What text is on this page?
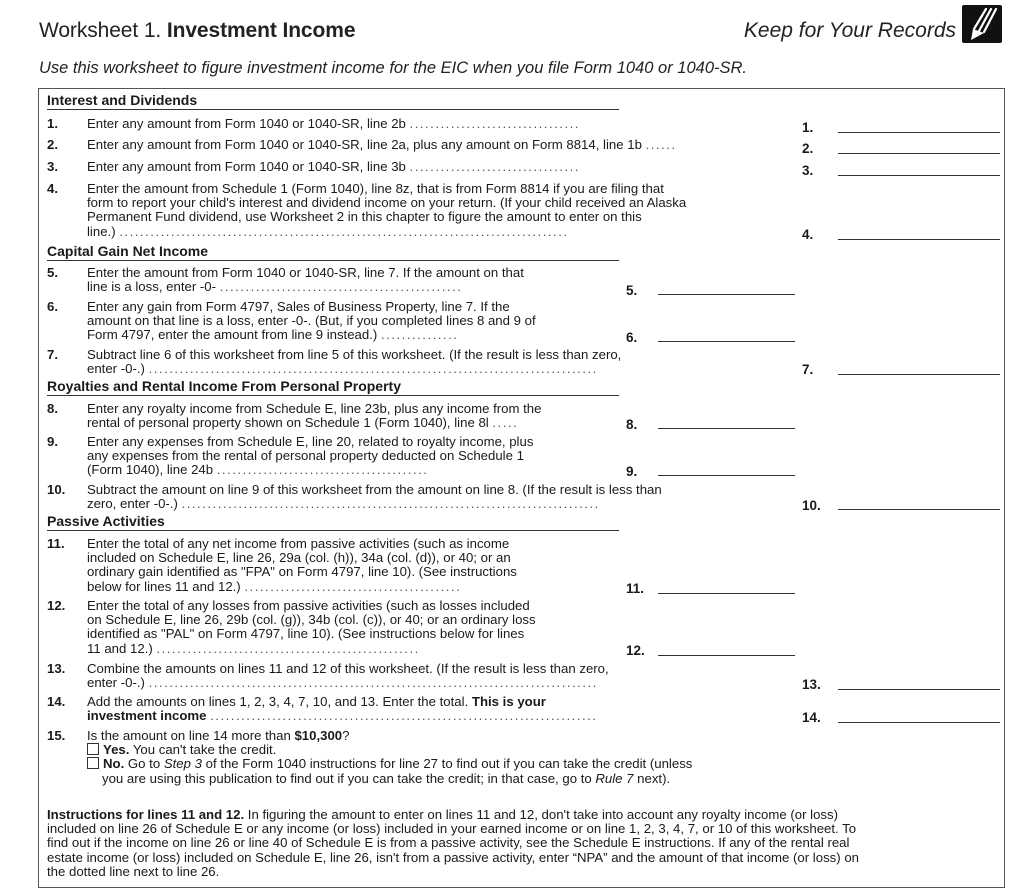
Worksheet 1. Investment Income	Keep for Your Records
Use this worksheet to figure investment income for the EIC when you file Form 1040 or 1040-SR.
Interest and Dividends
Capital Gain Net Income
Royalties and Rental Income From Personal Property
Passive Activities
1. Enter any amount from Form 1040 or 1040-SR, line 2b .................................	1.
2. Enter any amount from Form 1040 or 1040-SR, line 2a, plus any amount on Form 8814, line 1b ......	2.
3. Enter any amount from Form 1040 or 1040-SR, line 3b .................................	3.
4. Enter the amount from Schedule 1 (Form 1040), line 8z, that is from Form 8814 if you are filing that
form to report your child's interest and dividend income on your return. (If your child received an Alaska
Permanent Fund dividend, use Worksheet 2 in this chapter to figure the amount to enter on this
line.) .......................................................................................	4.
5. Enter the amount from Form 1040 or 1040-SR, line 7. If the amount on that
line is a loss, enter -0- ...............................................	5.
6. Enter any gain from Form 4797, Sales of Business Property, line 7. If the
amount on that line is a loss, enter -0-. (But, if you completed lines 8 and 9 of
Form 4797, enter the amount from line 9 instead.) ...............	6.
7. Subtract line 6 of this worksheet from line 5 of this worksheet. (If the result is less than zero,
enter -0-.) .......................................................................................	7.
8. Enter any royalty income from Schedule E, line 23b, plus any income from the
rental of personal property shown on Schedule 1 (Form 1040), line 8l .....	8.
9. Enter any expenses from Schedule E, line 20, related to royalty income, plus
any expenses from the rental of personal property deducted on Schedule 1
(Form 1040), line 24b .........................................	9.
10. Subtract the amount on line 9 of this worksheet from the amount on line 8. (If the result is less than
zero, enter -0-.) .................................................................................	10.
11. Enter the total of any net income from passive activities (such as income
included on Schedule E, line 26, 29a (col. (h)), 34a (col. (d)), or 40; or an
ordinary gain identified as "FPA" on Form 4797, line 10). (See instructions
below for lines 11 and 12.) ..........................................	11.
12. Enter the total of any losses from passive activities (such as losses included
on Schedule E, line 26, 29b (col. (g)), 34b (col. (c)), or 40; or an ordinary loss
identified as "PAL" on Form 4797, line 10). (See instructions below for lines
11 and 12.) ...................................................	12.
13. Combine the amounts on lines 11 and 12 of this worksheet. (If the result is less than zero,
enter -0-.) .......................................................................................	13.
14. Add the amounts on lines 1, 2, 3, 4, 7, 10, and 13. Enter the total. This is your
investment income ...........................................................................	14.
15. Is the amount on line 14 more than $10,300?
Yes. You can't take the credit.
No. Go to Step 3 of the Form 1040 instructions for line 27 to find out if you can take the credit (unless
you are using this publication to find out if you can take the credit; in that case, go to Rule 7 next).
Instructions for lines 11 and 12. In figuring the amount to enter on lines 11 and 12, don't take into account any royalty income (or loss)
included on line 26 of Schedule E or any income (or loss) included in your earned income or on line 1, 2, 3, 4, 7, or 10 of this worksheet. To
find out if the income on line 26 or line 40 of Schedule E is from a passive activity, see the Schedule E instructions. If any of the rental real
estate income (or loss) included on Schedule E, line 26, isn't from a passive activity, enter “NPA” and the amount of that income (or loss) on
the dotted line next to line 26.
